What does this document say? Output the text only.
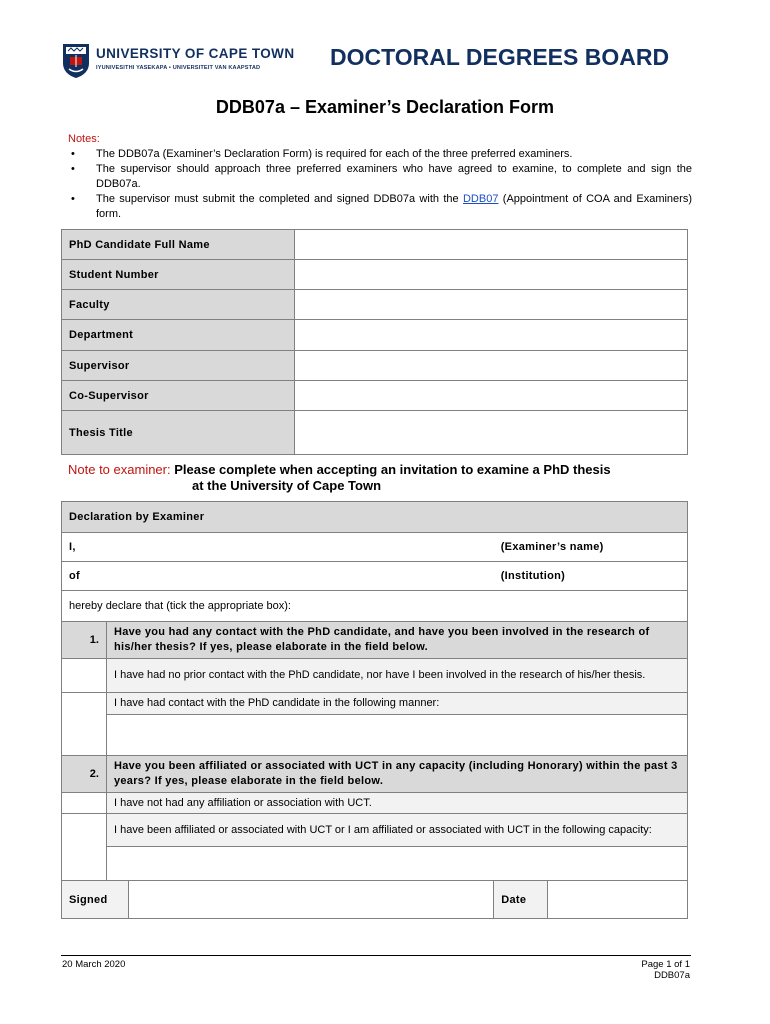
UNIVERSITY OF CAPE TOWN
IYUNIVESITHI YASEKAPA • UNIVERSITEIT VAN KAAPSTAD	DOCTORAL DEGREES BOARD
DDB07a – Examiner’s Declaration Form
Notes:
• The DDB07a (Examiner’s Declaration Form) is required for each of the three preferred examiners.
• The supervisor should approach three preferred examiners who have agreed to examine, to complete and sign the DDB07a.
• The supervisor must submit the completed and signed DDB07a with the DDB07 (Appointment of COA and Examiners) form.
PhD Candidate Full Name	
Student Number	
Faculty	
Department	
Supervisor	
Co-Supervisor	
Thesis Title	
Note to examiner: Please complete when accepting an invitation to examine a PhD thesis
at the University of Cape Town
Declaration by Examiner					
I,				(Examiner’s name)	
of				(Institution)	
hereby declare that (tick the appropriate box):					
1.		Have you had any contact with the PhD candidate, and have you been involved in the research of his/her thesis? If yes, please elaborate in the field below.			
		I have had no prior contact with the PhD candidate, nor have I been involved in the research of his/her thesis.			
		I have had contact with the PhD candidate in the following manner:			

2.		Have you been affiliated or associated with UCT in any capacity (including Honorary) within the past 3 years? If yes, please elaborate in the field below.			
		I have not had any affiliation or association with UCT.			
		I have been affiliated or associated with UCT or I am affiliated or associated with UCT in the following capacity:			

Signed				Date	
20 March 2020	Page 1 of 1
DDB07a
